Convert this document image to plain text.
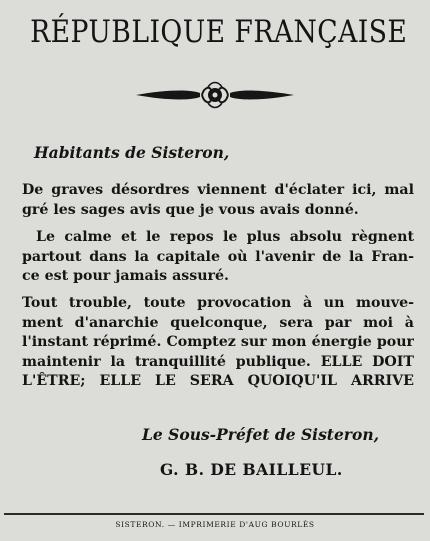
RÉPUBLIQUE FRANÇAISE
Habitants de Sisteron,
De graves désordres viennent d'éclater ici, mal
gré les sages avis que je vous avais donné.
Le calme et le repos le plus absolu règnent
partout dans la capitale où l'avenir de la Fran-
ce est pour jamais assuré.
Tout trouble, toute provocation à un mouve-
ment d'anarchie quelconque, sera par moi à
l'instant réprimé. Comptez sur mon énergie pour
maintenir la tranquillité publique. ELLE DOIT
L'ÊTRE; ELLE LE SERA QUOIQU'IL ARRIVE
Le Sous-Préfet de Sisteron,
G. B. DE BAILLEUL.
SISTERON. — IMPRIMERIE D'AUG BOURLÈS
